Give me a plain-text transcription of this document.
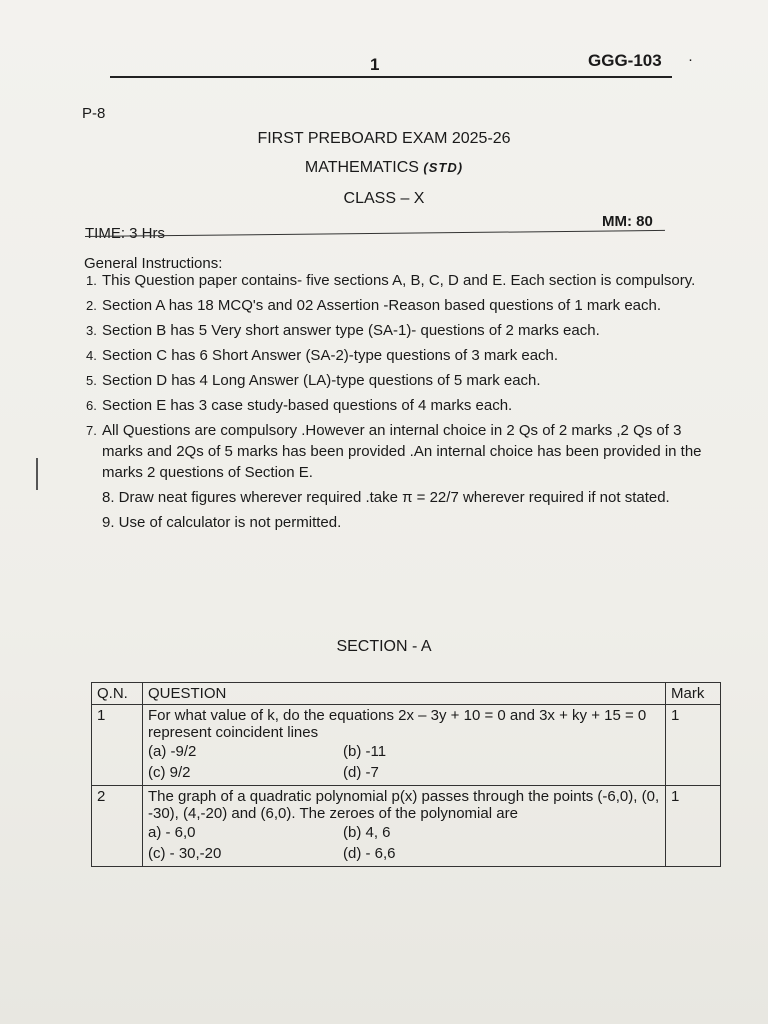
1	GGG-103 ·
P-8
FIRST PREBOARD EXAM 2025-26
MATHEMATICS (STD)
CLASS – X
TIME: 3 Hrs
MM: 80
General Instructions:
1. This Question paper contains- five sections A, B, C, D and E. Each section is compulsory.
2. Section A has 18 MCQ's and 02 Assertion -Reason based questions of 1 mark each.
3. Section B has 5 Very short answer type (SA-1)- questions of 2 marks each.
4. Section C has 6 Short Answer (SA-2)-type questions of 3 mark each.
5. Section D has 4 Long Answer (LA)-type questions of 5 mark each.
6. Section E has 3 case study-based questions of 4 marks each.
7. All Questions are compulsory .However an internal choice in 2 Qs of 2 marks ,2 Qs of 3 marks and 2Qs of 5 marks has been provided .An internal choice has been provided in the marks 2 questions of Section E.
8. Draw neat figures wherever required .take π = 22/7 wherever required if not stated.
9. Use of calculator is not permitted.
SECTION - A
Q.N.	QUESTION	Mark
1	For what value of k, do the equations 2x – 3y + 10 = 0 and 3x + ky + 15 = 0 represent coincident lines
(a) -9/2 (b) -11
(c) 9/2 (d) -7	1
2	The graph of a quadratic polynomial p(x) passes through the points (-6,0), (0, -30), (4,-20) and (6,0). The zeroes of the polynomial are
a) - 6,0 (b) 4, 6
(c) - 30,-20 (d) - 6,6	1
